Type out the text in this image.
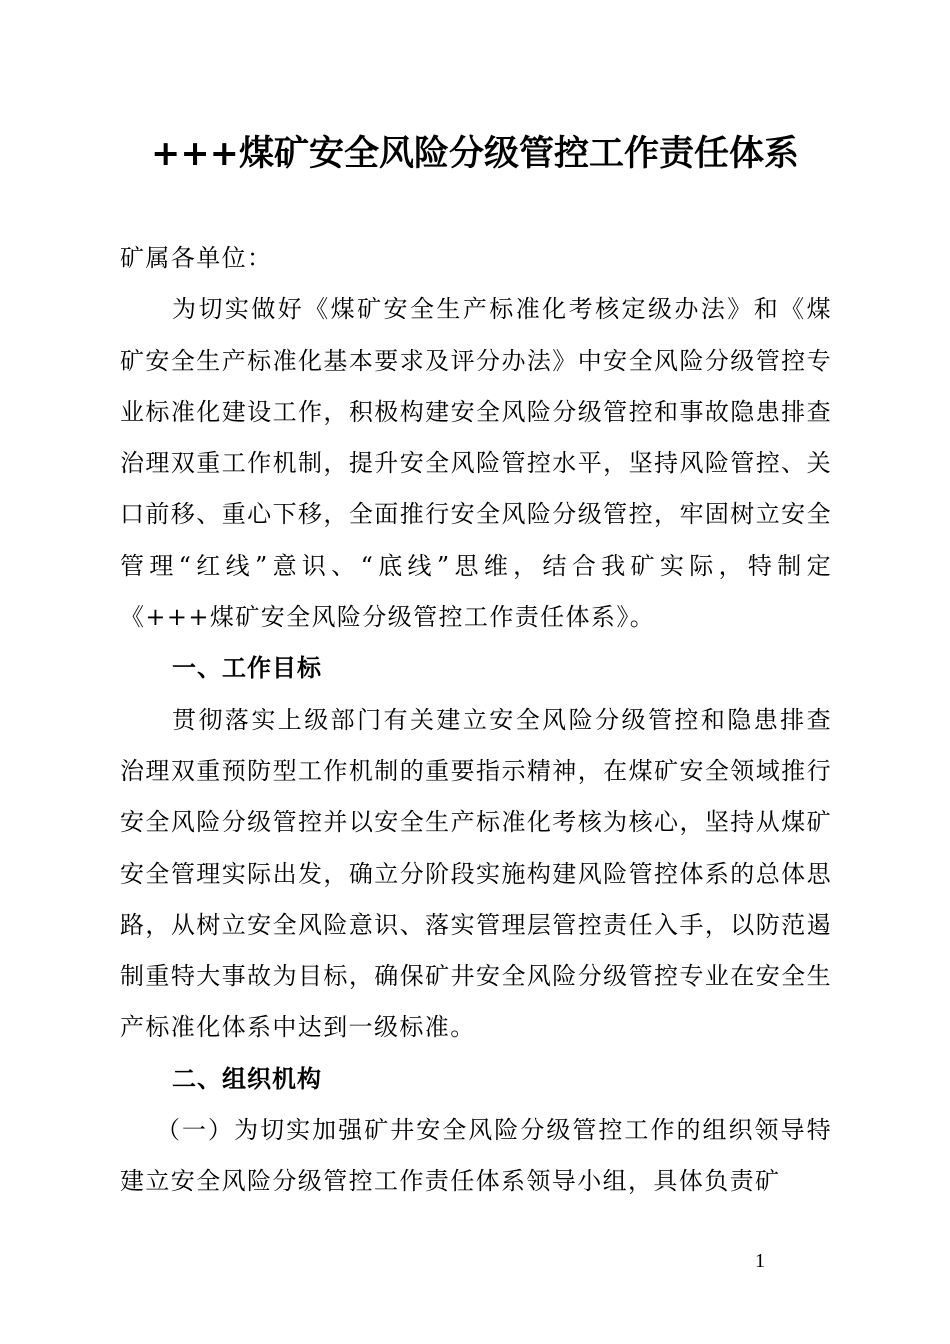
+++煤矿安全风险分级管控工作责任体系

矿属各单位：

为切实做好《煤矿安全生产标准化考核定级办法》和《煤矿安全生产标准化基本要求及评分办法》中安全风险分级管控专业标准化建设工作，积极构建安全风险分级管控和事故隐患排查治理双重工作机制，提升安全风险管控水平，坚持风险管控、关口前移、重心下移，全面推行安全风险分级管控，牢固树立安全管理“红线”意识、“底线”思维，结合我矿实际，特制定《+++煤矿安全风险分级管控工作责任体系》。

一、工作目标

贯彻落实上级部门有关建立安全风险分级管控和隐患排查治理双重预防型工作机制的重要指示精神，在煤矿安全领域推行安全风险分级管控并以安全生产标准化考核为核心，坚持从煤矿安全管理实际出发，确立分阶段实施构建风险管控体系的总体思路，从树立安全风险意识、落实管理层管控责任入手，以防范遏制重特大事故为目标，确保矿井安全风险分级管控专业在安全生产标准化体系中达到一级标准。

二、组织机构

（一）为切实加强矿井安全风险分级管控工作的组织领导特建立安全风险分级管控工作责任体系领导小组，具体负责矿

1
